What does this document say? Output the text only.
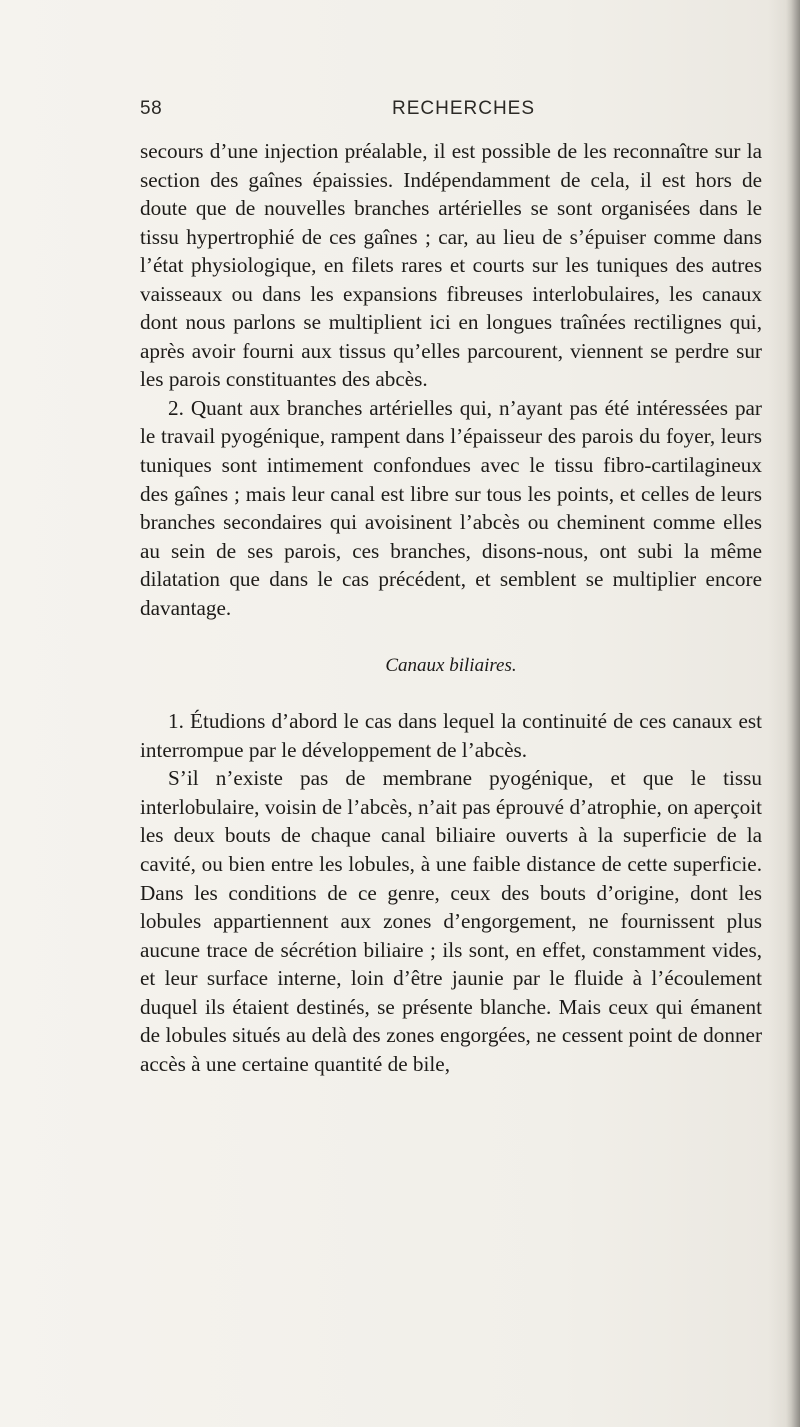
58	RECHERCHES

secours d’une injection préalable, il est possible de les reconnaître sur la section des gaînes épaissies. Indépendamment de cela, il est hors de doute que de nouvelles branches artérielles se sont organisées dans le tissu hypertrophié de ces gaînes ; car, au lieu de s’épuiser comme dans l’état physiologique, en filets rares et courts sur les tuniques des autres vaisseaux ou dans les expansions fibreuses interlobulaires, les canaux dont nous parlons se multiplient ici en longues traînées rectilignes qui, après avoir fourni aux tissus qu’elles parcourent, viennent se perdre sur les parois constituantes des abcès.

2. Quant aux branches artérielles qui, n’ayant pas été intéressées par le travail pyogénique, rampent dans l’épaisseur des parois du foyer, leurs tuniques sont intimement confondues avec le tissu fibro-cartilagineux des gaînes ; mais leur canal est libre sur tous les points, et celles de leurs branches secondaires qui avoisinent l’abcès ou cheminent comme elles au sein de ses parois, ces branches, disons-nous, ont subi la même dilatation que dans le cas précédent, et semblent se multiplier encore davantage.

Canaux biliaires.

1. Étudions d’abord le cas dans lequel la continuité de ces canaux est interrompue par le développement de l’abcès.

S’il n’existe pas de membrane pyogénique, et que le tissu interlobulaire, voisin de l’abcès, n’ait pas éprouvé d’atrophie, on aperçoit les deux bouts de chaque canal biliaire ouverts à la superficie de la cavité, ou bien entre les lobules, à une faible distance de cette superficie. Dans les conditions de ce genre, ceux des bouts d’origine, dont les lobules appartiennent aux zones d’engorgement, ne fournissent plus aucune trace de sécrétion biliaire ; ils sont, en effet, constamment vides, et leur surface interne, loin d’être jaunie par le fluide à l’écoulement duquel ils étaient destinés, se présente blanche. Mais ceux qui émanent de lobules situés au delà des zones engorgées, ne cessent point de donner accès à une certaine quantité de bile,
